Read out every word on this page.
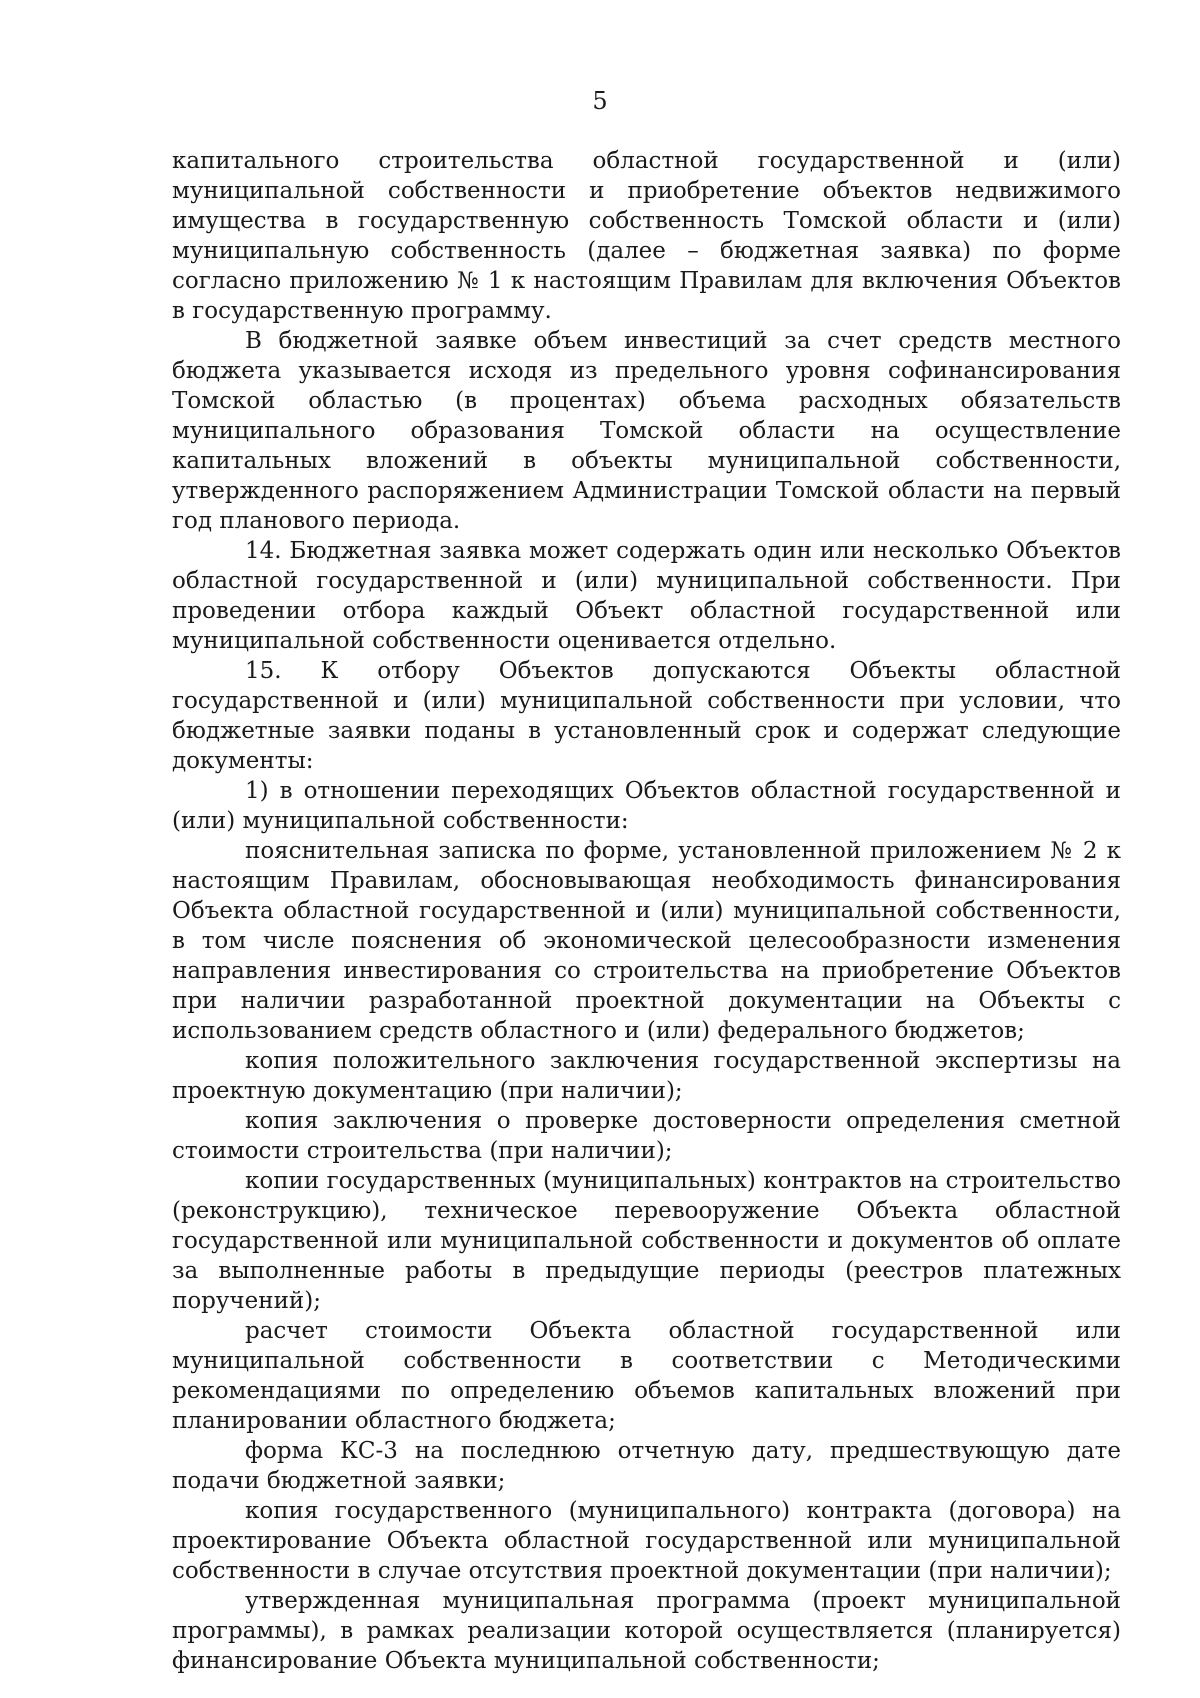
5

капитального строительства областной государственной и (или) муниципальной собственности и приобретение объектов недвижимого имущества в государственную собственность Томской области и (или) муниципальную собственность (далее – бюджетная заявка) по форме согласно приложению № 1 к настоящим Правилам для включения Объектов в государственную программу.

В бюджетной заявке объем инвестиций за счет средств местного бюджета указывается исходя из предельного уровня софинансирования Томской областью (в процентах) объема расходных обязательств муниципального образования Томской области на осуществление капитальных вложений в объекты муниципальной собственности, утвержденного распоряжением Администрации Томской области на первый год планового периода.

14. Бюджетная заявка может содержать один или несколько Объектов областной государственной и (или) муниципальной собственности. При проведении отбора каждый Объект областной государственной или муниципальной собственности оценивается отдельно.

15. К отбору Объектов допускаются Объекты областной государственной и (или) муниципальной собственности при условии, что бюджетные заявки поданы в установленный срок и содержат следующие документы:

1) в отношении переходящих Объектов областной государственной и (или) муниципальной собственности:

пояснительная записка по форме, установленной приложением № 2 к настоящим Правилам, обосновывающая необходимость финансирования Объекта областной государственной и (или) муниципальной собственности, в том числе пояснения об экономической целесообразности изменения направления инвестирования со строительства на приобретение Объектов при наличии разработанной проектной документации на Объекты с использованием средств областного и (или) федерального бюджетов;

копия положительного заключения государственной экспертизы на проектную документацию (при наличии);

копия заключения о проверке достоверности определения сметной стоимости строительства (при наличии);

копии государственных (муниципальных) контрактов на строительство (реконструкцию), техническое перевооружение Объекта областной государственной или муниципальной собственности и документов об оплате за выполненные работы в предыдущие периоды (реестров платежных поручений);

расчет стоимости Объекта областной государственной или муниципальной собственности в соответствии с Методическими рекомендациями по определению объемов капитальных вложений при планировании областного бюджета;

форма КС-3 на последнюю отчетную дату, предшествующую дате подачи бюджетной заявки;

копия государственного (муниципального) контракта (договора) на проектирование Объекта областной государственной или муниципальной собственности в случае отсутствия проектной документации (при наличии);

утвержденная муниципальная программа (проект муниципальной программы), в рамках реализации которой осуществляется (планируется) финансирование Объекта муниципальной собственности;
